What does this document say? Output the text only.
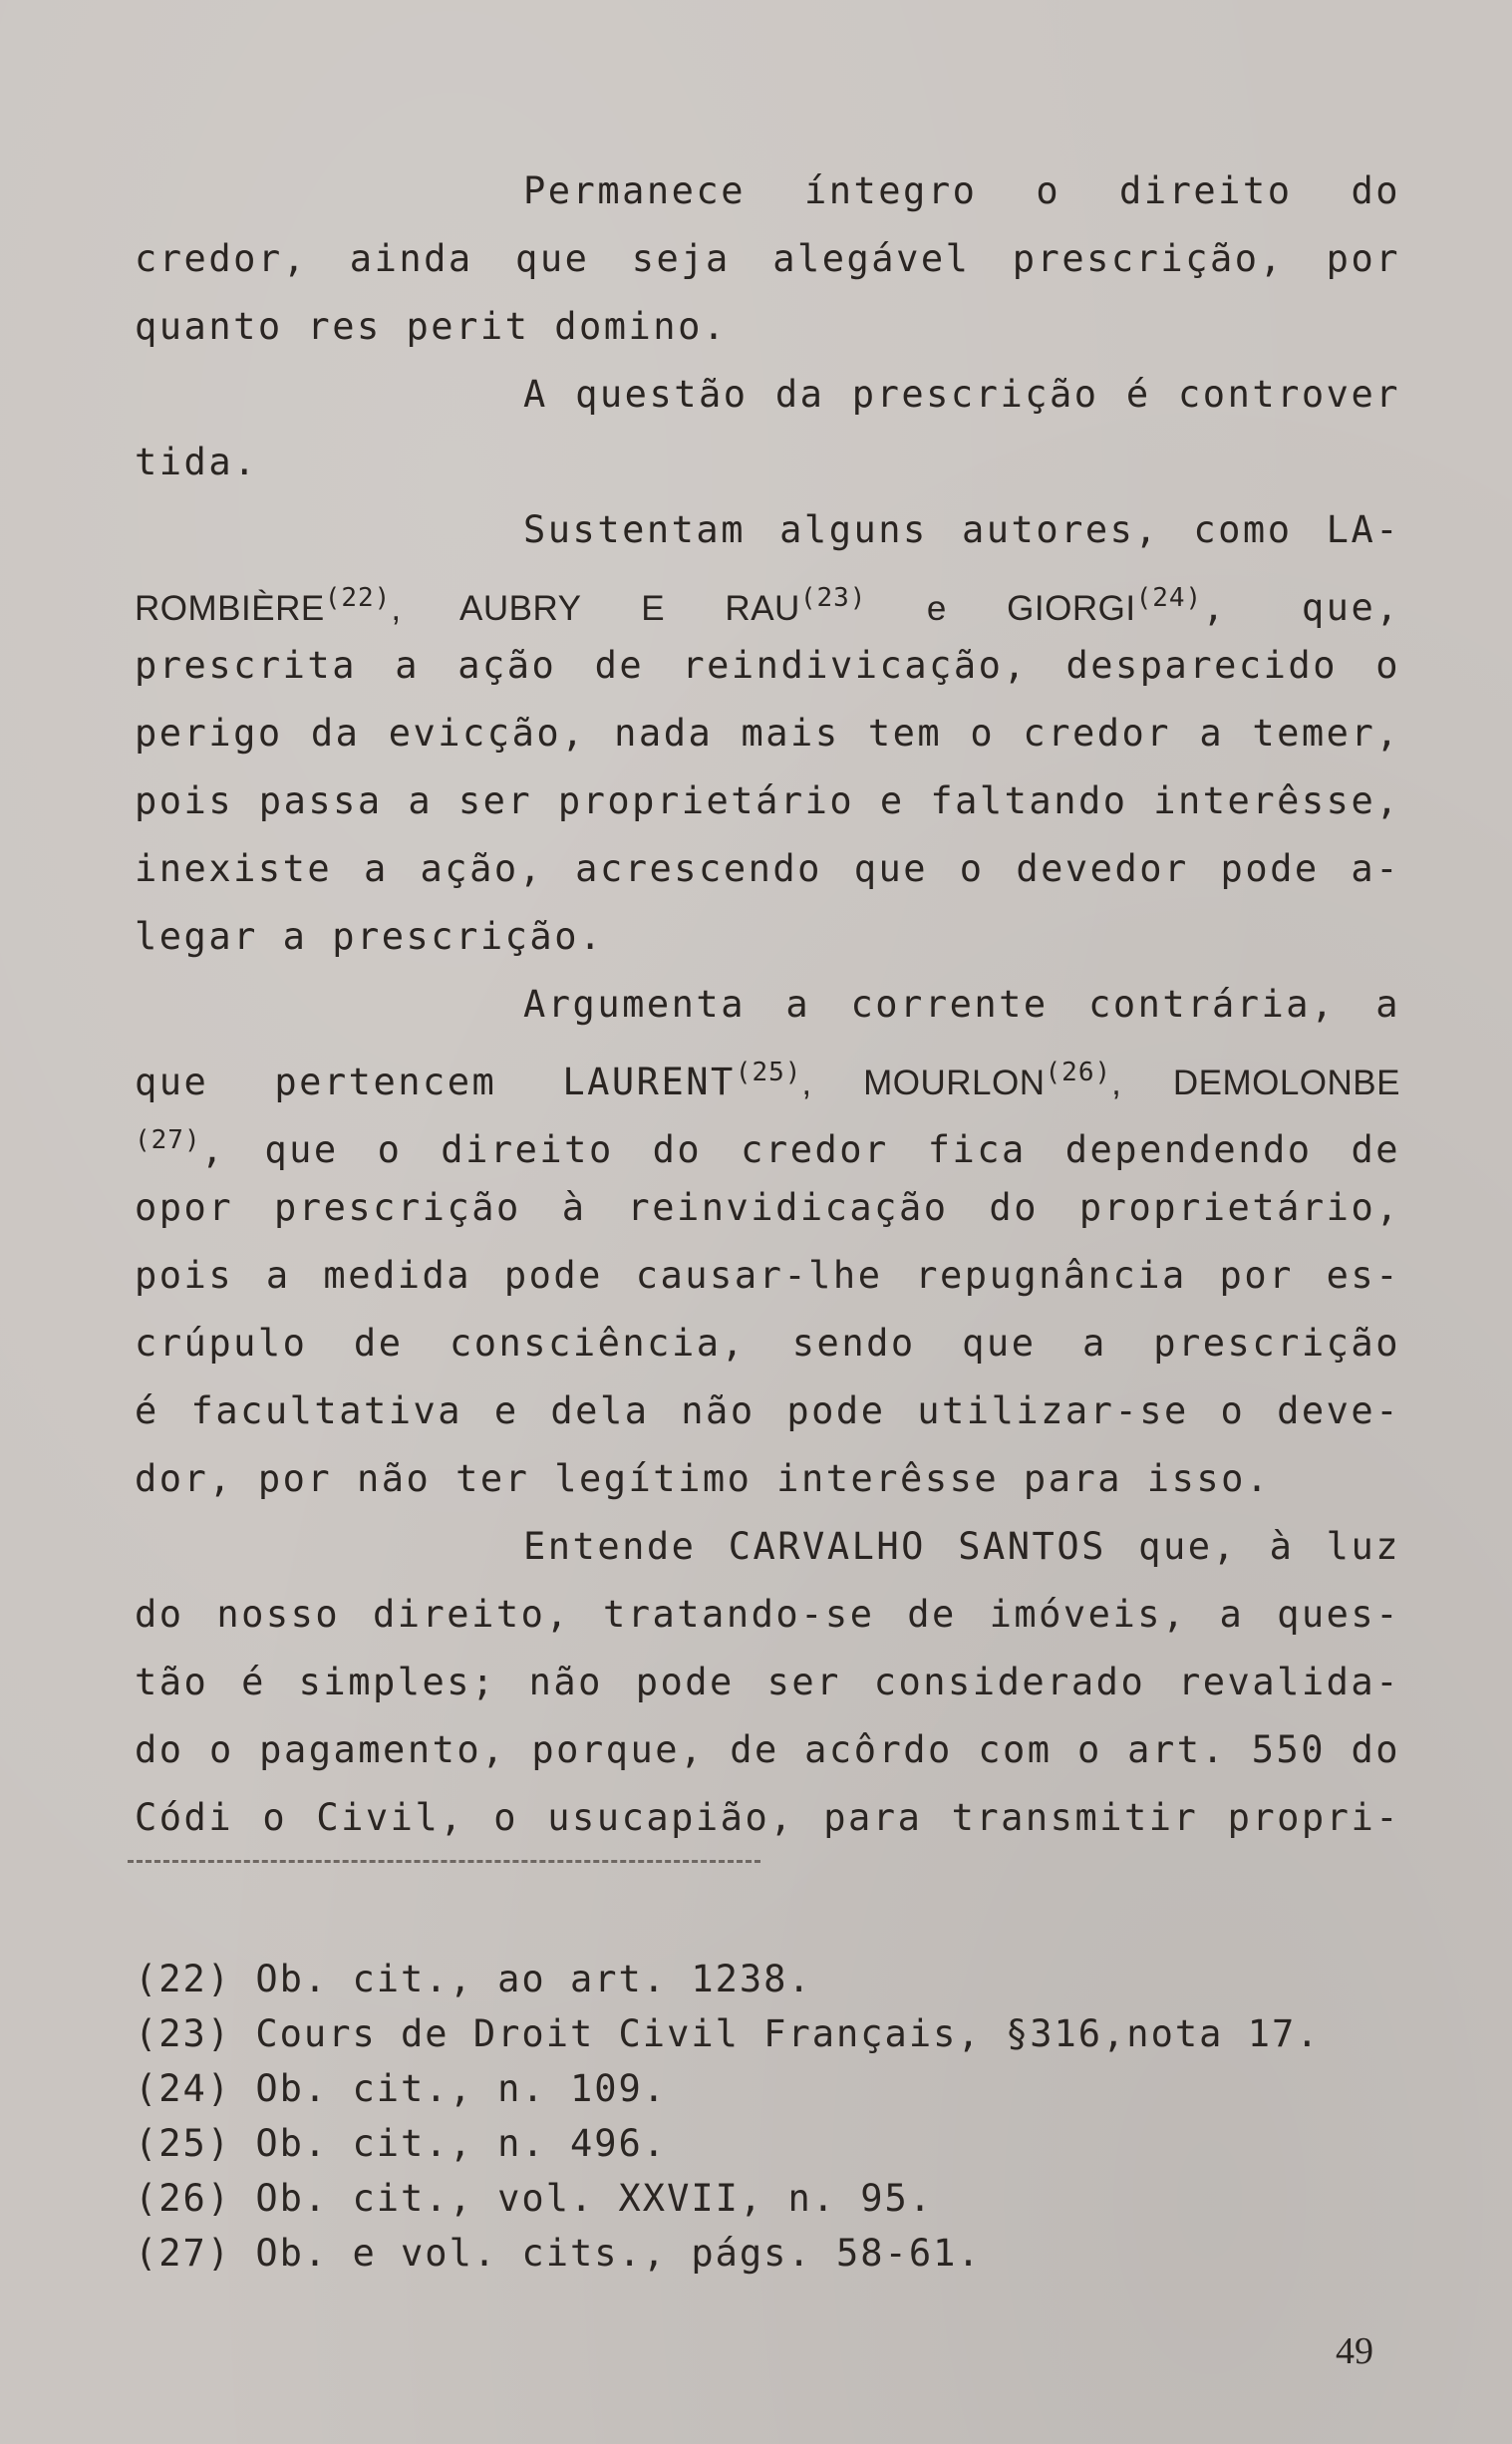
Permanece íntegro o direito do
credor, ainda que seja alegável prescrição, por
quanto res perit domino.
A questão da prescrição é controver
tida.
Sustentam alguns autores, como LA-
ROMBIÈRE$^{(22)}$, AUBRY E RAU$^{(23)}$ e GIORGI$^{(24)}$, que,
prescrita a ação de reindivicação, desparecido o
perigo da evicção, nada mais tem o credor a temer,
pois passa a ser proprietário e faltando interêsse,
inexiste a ação, acrescendo que o devedor pode a-
legar a prescrição.
Argumenta a corrente contrária, a
que pertencem LAURENT$^{(25)}$, MOURLON$^{(26)}$, DEMOLONBE
$^{(27)}$, que o direito do credor fica dependendo de
opor prescrição à reinvidicação do proprietário,
pois a medida pode causar-lhe repugnância por es-
crúpulo de consciência, sendo que a prescrição
é facultativa e dela não pode utilizar-se o deve-
dor, por não ter legítimo interêsse para isso.
Entende CARVALHO SANTOS que, à luz
do nosso direito, tratando-se de imóveis, a ques-
tão é simples; não pode ser considerado revalida-
do o pagamento, porque, de acôrdo com o art. 550 do
Códi o Civil, o usucapião, para transmitir propri-
(22) Ob. cit., ao art. 1238.
(23) Cours de Droit Civil Français, §316,nota 17.
(24) Ob. cit., n. 109.
(25) Ob. cit., n. 496.
(26) Ob. cit., vol. XXVII, n. 95.
(27) Ob. e vol. cits., págs. 58-61.
49
